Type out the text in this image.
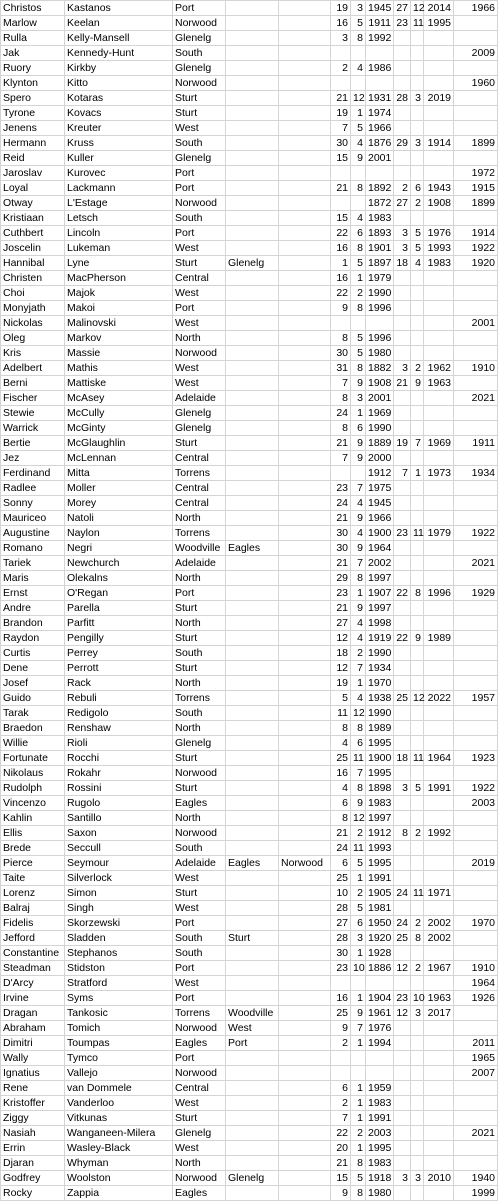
Christos	Kastanos	Port			19	3	1945	27	12	2014	1966
Marlow	Keelan	Norwood			16	5	1911	23	11	1995	
Rulla	Kelly-Mansell	Glenelg			3	8	1992				
Jak	Kennedy-Hunt	South									2009
Ruory	Kirkby	Glenelg			2	4	1986				
Klynton	Kitto	Norwood									1960
Spero	Kotaras	Sturt			21	12	1931	28	3	2019	
Tyrone	Kovacs	Sturt			19	1	1974				
Jenens	Kreuter	West			7	5	1966				
Hermann	Kruss	South			30	4	1876	29	3	1914	1899
Reid	Kuller	Glenelg			15	9	2001				
Jaroslav	Kurovec	Port									1972
Loyal	Lackmann	Port			21	8	1892	2	6	1943	1915
Otway	L'Estage	Norwood					1872	27	2	1908	1899
Kristiaan	Letsch	South			15	4	1983				
Cuthbert	Lincoln	Port			22	6	1893	3	5	1976	1914
Joscelin	Lukeman	West			16	8	1901	3	5	1993	1922
Hannibal	Lyne	Sturt	Glenelg		1	5	1897	18	4	1983	1920
Christen	MacPherson	Central			16	1	1979				
Choi	Majok	West			22	2	1990				
Monyjath	Makoi	Port			9	8	1996				
Nickolas	Malinovski	West									2001
Oleg	Markov	North			8	5	1996				
Kris	Massie	Norwood			30	5	1980				
Adelbert	Mathis	West			31	8	1882	3	2	1962	1910
Berni	Mattiske	West			7	9	1908	21	9	1963	
Fischer	McAsey	Adelaide			8	3	2001				2021
Stewie	McCully	Glenelg			24	1	1969				
Warrick	McGinty	Glenelg			8	6	1990				
Bertie	McGlaughlin	Sturt			21	9	1889	19	7	1969	1911
Jez	McLennan	Central			7	9	2000				
Ferdinand	Mitta	Torrens					1912	7	1	1973	1934
Radlee	Moller	Central			23	7	1975				
Sonny	Morey	Central			24	4	1945				
Mauriceo	Natoli	North			21	9	1966				
Augustine	Naylon	Torrens			30	4	1900	23	11	1979	1922
Romano	Negri	Woodville	Eagles		30	9	1964				
Tariek	Newchurch	Adelaide			21	7	2002				2021
Maris	Olekalns	North			29	8	1997				
Ernst	O'Regan	Port			23	1	1907	22	8	1996	1929
Andre	Parella	Sturt			21	9	1997				
Brandon	Parfitt	North			27	4	1998				
Raydon	Pengilly	Sturt			12	4	1919	22	9	1989	
Curtis	Perrey	South			18	2	1990				
Dene	Perrott	Sturt			12	7	1934				
Josef	Rack	North			19	1	1970				
Guido	Rebuli	Torrens			5	4	1938	25	12	2022	1957
Tarak	Redigolo	South			11	12	1990				
Braedon	Renshaw	North			8	8	1989				
Willie	Rioli	Glenelg			4	6	1995				
Fortunate	Rocchi	Sturt			25	11	1900	18	11	1964	1923
Nikolaus	Rokahr	Norwood			16	7	1995				
Rudolph	Rossini	Sturt			4	8	1898	3	5	1991	1922
Vincenzo	Rugolo	Eagles			6	9	1983				2003
Kahlin	Santillo	North			8	12	1997				
Ellis	Saxon	Norwood			21	2	1912	8	2	1992	
Brede	Seccull	South			24	11	1993				
Pierce	Seymour	Adelaide	Eagles	Norwood	6	5	1995				2019
Taite	Silverlock	West			25	1	1991				
Lorenz	Simon	Sturt			10	2	1905	24	11	1971	
Balraj	Singh	West			28	5	1981				
Fidelis	Skorzewski	Port			27	6	1950	24	2	2002	1970
Jefford	Sladden	South	Sturt		28	3	1920	25	8	2002	
Constantine	Stephanos	South			30	1	1928				
Steadman	Stidston	Port			23	10	1886	12	2	1967	1910
D'Arcy	Stratford	West									1964
Irvine	Syms	Port			16	1	1904	23	10	1963	1926
Dragan	Tankosic	Torrens	Woodville		25	9	1961	12	3	2017	
Abraham	Tomich	Norwood	West		9	7	1976				
Dimitri	Toumpas	Eagles	Port		2	1	1994				2011
Wally	Tymco	Port									1965
Ignatius	Vallejo	Norwood									2007
Rene	van Dommele	Central			6	1	1959				
Kristoffer	Vanderloo	West			2	1	1983				
Ziggy	Vitkunas	Sturt			7	1	1991				
Nasiah	Wanganeen-Milera	Glenelg			22	2	2003				2021
Errin	Wasley-Black	West			20	1	1995				
Djaran	Whyman	North			21	8	1983				
Godfrey	Woolston	Norwood	Glenelg		15	5	1918	3	3	2010	1940
Rocky	Zappia	Eagles			9	8	1980				1999
